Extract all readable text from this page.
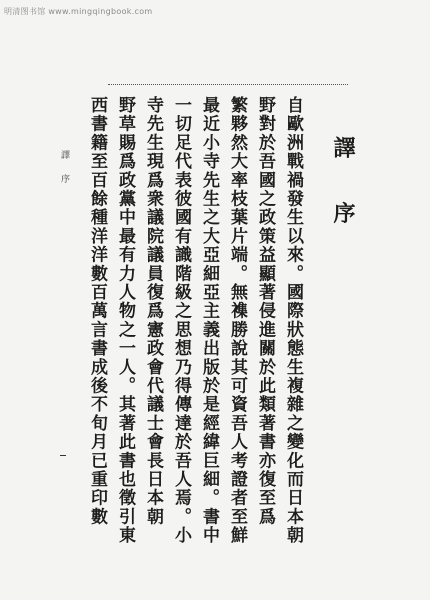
明清图书馆 www.mingqingbook.com
譯 序
自歐洲戰禍發生以來。國際狀態生複雜之變化而日本朝
野對於吾國之政策益顯著侵進關於此類著書亦復至爲
繁夥然大率枝葉片端。無襍勝說其可資吾人考證者至鮮
最近小寺先生之大亞細亞主義出版於是經緯巨細。書中
一切足代表彼國有識階級之思想乃得傳達於吾人焉。小
寺先生現爲衆議院議員復爲憲政會代議士會長日本朝
野草賜爲政黨中最有力人物之一人。其著此書也徵引東
西書籍至百餘種洋洋數百萬言書成後不旬月已重印數
譯 序
